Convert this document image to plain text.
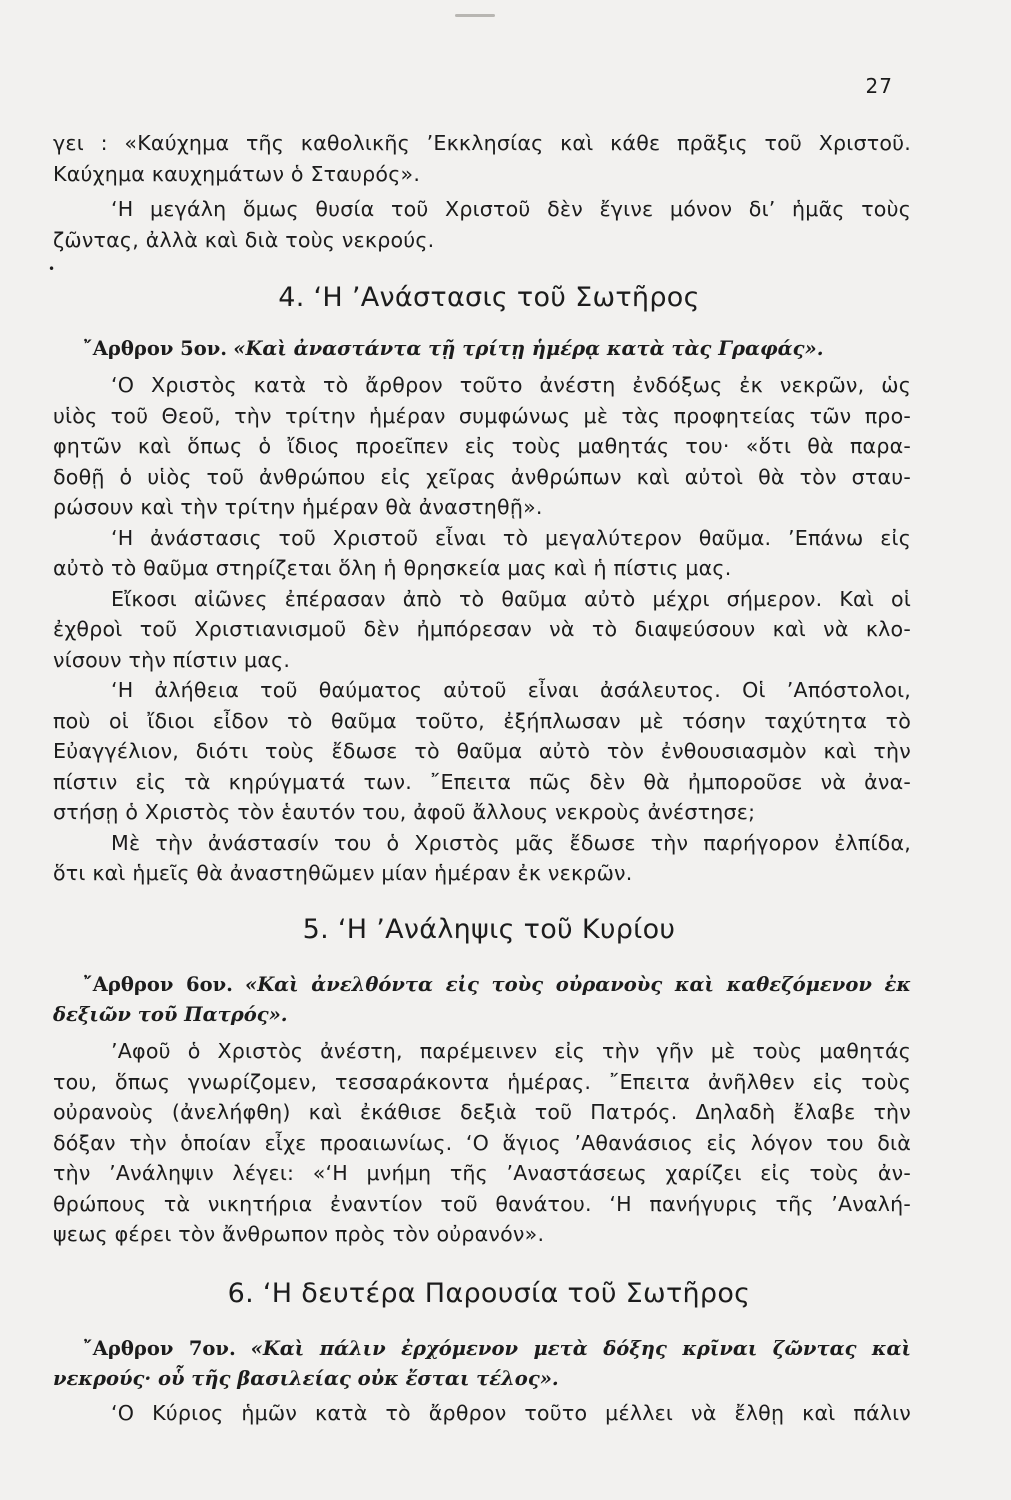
27

γει : «Καύχημα τῆς καθολικῆς ’Εκκλησίας καὶ κάθε πρᾶξις τοῦ Χριστοῦ.

Καύχημα καυχημάτων ὁ Σταυρός».

‘Η μεγάλη ὅμως θυσία τοῦ Χριστοῦ δὲν ἔγινε μόνον δι’ ἡμᾶς τοὺς

ζῶντας, ἀλλὰ καὶ διὰ τοὺς νεκρούς.

•
4. ‘Η ’Ανάστασις τοῦ Σωτῆρος
῎Αρθρον 5ον. «Καὶ ἀναστάντα τῇ τρίτῃ ἡμέρᾳ κατὰ τὰς Γραφάς».

‘Ο Χριστὸς κατὰ τὸ ἄρθρον τοῦτο ἀνέστη ἐνδόξως ἐκ νεκρῶν, ὡς

υἱὸς τοῦ Θεοῦ, τὴν τρίτην ἡμέραν συμφώνως μὲ τὰς προφητείας τῶν προ-

φητῶν καὶ ὅπως ὁ ἴδιος προεῖπεν εἰς τοὺς μαθητάς του· «ὅτι θὰ παρα-

δοθῇ ὁ υἱὸς τοῦ ἀνθρώπου εἰς χεῖρας ἀνθρώπων καὶ αὐτοὶ θὰ τὸν σταυ-

ρώσουν καὶ τὴν τρίτην ἡμέραν θὰ ἀναστηθῇ».

‘Η ἀνάστασις τοῦ Χριστοῦ εἶναι τὸ μεγαλύτερον θαῦμα. ’Επάνω εἰς

αὐτὸ τὸ θαῦμα στηρίζεται ὅλη ἡ θρησκεία μας καὶ ἡ πίστις μας.

Εἴκοσι αἰῶνες ἐπέρασαν ἀπὸ τὸ θαῦμα αὐτὸ μέχρι σήμερον. Καὶ οἱ

ἐχθροὶ τοῦ Χριστιανισμοῦ δὲν ἠμπόρεσαν νὰ τὸ διαψεύσουν καὶ νὰ κλο-

νίσουν τὴν πίστιν μας.

‘Η ἀλήθεια τοῦ θαύματος αὐτοῦ εἶναι ἀσάλευτος. Οἱ ’Απόστολοι,

ποὺ οἱ ἴδιοι εἶδον τὸ θαῦμα τοῦτο, ἐξήπλωσαν μὲ τόσην ταχύτητα τὸ

Εὐαγγέλιον, διότι τοὺς ἔδωσε τὸ θαῦμα αὐτὸ τὸν ἐνθουσιασμὸν καὶ τὴν

πίστιν εἰς τὰ κηρύγματά των. ῎Επειτα πῶς δὲν θὰ ἠμποροῦσε νὰ ἀνα-

στήσῃ ὁ Χριστὸς τὸν ἑαυτόν του, ἀφοῦ ἄλλους νεκροὺς ἀνέστησε;

Μὲ τὴν ἀνάστασίν του ὁ Χριστὸς μᾶς ἔδωσε τὴν παρήγορον ἐλπίδα,

ὅτι καὶ ἡμεῖς θὰ ἀναστηθῶμεν μίαν ἡμέραν ἐκ νεκρῶν.

5. ‘Η ’Ανάληψις τοῦ Κυρίου
῎Αρθρον 6ον. «Καὶ ἀνελθόντα εἰς τοὺς οὐρανοὺς καὶ καθεζόμενον ἐκ
δεξιῶν τοῦ Πατρός».

’Αφοῦ ὁ Χριστὸς ἀνέστη, παρέμεινεν εἰς τὴν γῆν μὲ τοὺς μαθητάς

του, ὅπως γνωρίζομεν, τεσσαράκοντα ἡμέρας. ῎Επειτα ἀνῆλθεν εἰς τοὺς

οὐρανοὺς (ἀνελήφθη) καὶ ἐκάθισε δεξιὰ τοῦ Πατρός. Δηλαδὴ ἔλαβε τὴν

δόξαν τὴν ὁποίαν εἶχε προαιωνίως. ‘Ο ἅγιος ’Αθανάσιος εἰς λόγον του διὰ

τὴν ’Ανάληψιν λέγει: «‘Η μνήμη τῆς ’Αναστάσεως χαρίζει εἰς τοὺς ἀν-

θρώπους τὰ νικητήρια ἐναντίον τοῦ θανάτου. ‘Η πανήγυρις τῆς ’Αναλή-

ψεως φέρει τὸν ἄνθρωπον πρὸς τὸν οὐρανόν».

6. ‘Η δευτέρα Παρουσία τοῦ Σωτῆρος
῎Αρθρον 7ον. «Καὶ πάλιν ἐρχόμενον μετὰ δόξης κρῖναι ζῶντας καὶ
νεκρούς· οὗ τῆς βασιλείας οὐκ ἔσται τέλος».

‘Ο Κύριος ἡμῶν κατὰ τὸ ἄρθρον τοῦτο μέλλει νὰ ἔλθῃ καὶ πάλιν
